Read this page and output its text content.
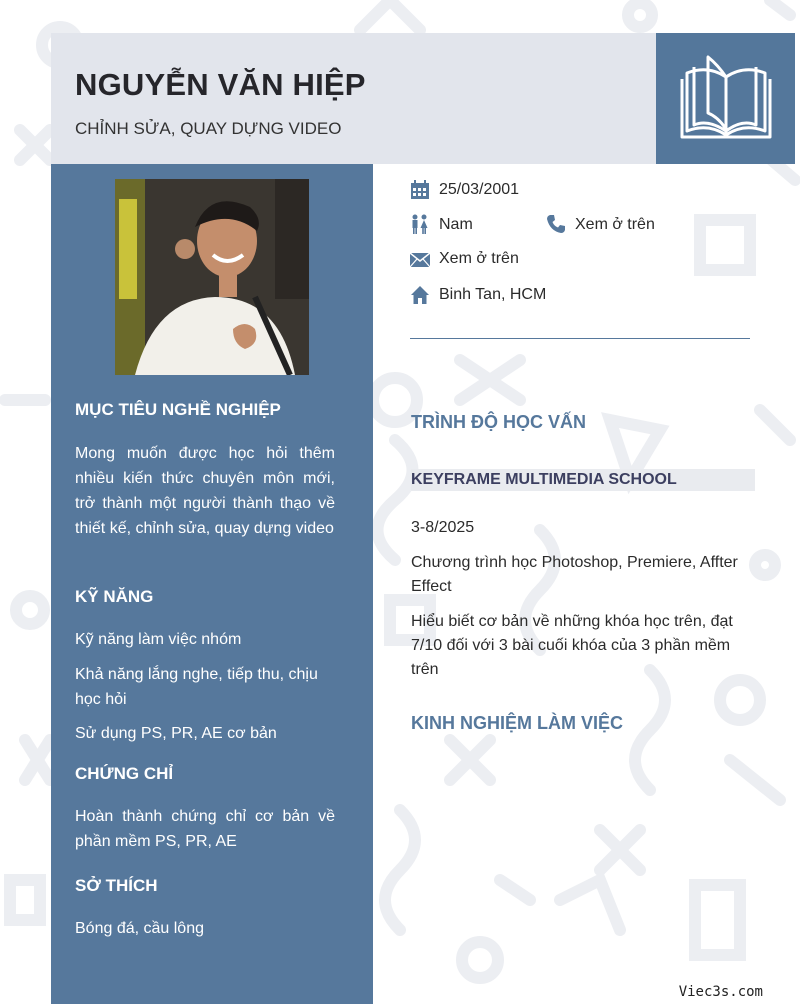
NGUYỄN VĂN HIỆP
CHỈNH SỬA, QUAY DỰNG VIDEO
MỤC TIÊU NGHỀ NGHIỆP
Mong muốn được học hỏi thêm nhiều kiến thức chuyên môn mới, trở thành một người thành thạo về thiết kế, chỉnh sửa, quay dựng video
KỸ NĂNG
Kỹ năng làm việc nhóm
Khả năng lắng nghe, tiếp thu, chịu học hỏi
Sử dụng PS, PR, AE cơ bản
CHỨNG CHỈ
Hoàn thành chứng chỉ cơ bản về phần mềm PS, PR, AE
SỞ THÍCH
Bóng đá, cầu lông
25/03/2001
Nam	Xem ở trên
Xem ở trên
Binh Tan, HCM
TRÌNH ĐỘ HỌC VẤN
KEYFRAME MULTIMEDIA SCHOOL
3-8/2025
Chương trình học Photoshop, Premiere, Affter Effect
Hiểu biết cơ bản về những khóa học trên, đạt 7/10 đối với 3 bài cuối khóa của 3 phần mềm trên
KINH NGHIỆM LÀM VIỆC
Viec3s.com
